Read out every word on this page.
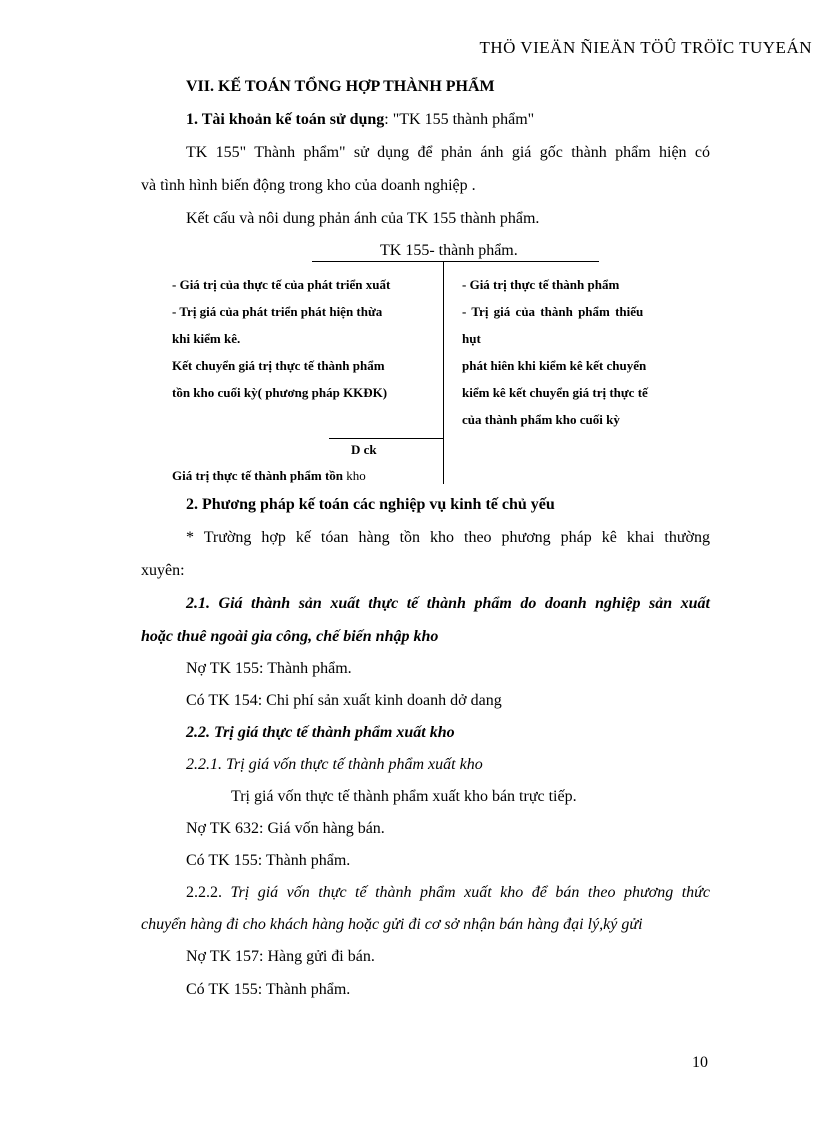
THÖ VIEÄN ÑIEÄN TÖÛ TRÖÏC TUYEÁN
VII. KẾ TOÁN TỔNG HỢP THÀNH PHẨM
1. Tài khoản kế toán sử dụng: "TK 155 thành phẩm"
TK 155" Thành phẩm" sử dụng để phản ánh giá gốc thành phẩm hiện có
và tình hình biến động trong kho của doanh nghiệp .
Kết cấu và nôi dung phản ánh của TK 155 thành phẩm.
TK 155- thành phẩm.
- Giá trị của thực tế của phát triển xuất
- Trị giá của phát triển phát hiện thừa
khi kiểm kê.
Kết chuyển giá trị thực tế thành phẩm
tồn kho cuối kỳ( phương pháp KKĐK)
- Giá trị thực tế thành phẩm
- Trị giá của thành phẩm thiếu
hụt
phát hiên khi kiểm kê kết chuyển
kiểm kê kết chuyển giá trị thực tế
của thành phẩm kho cuối kỳ
D ck
Giá trị thực tế thành phẩm tồn kho
2. Phương pháp kế toán các nghiệp vụ kinh tế chủ yếu
* Trường hợp kế tóan hàng tồn kho theo phương pháp kê khai thường
xuyên:
2.1. Giá thành sản xuất thực tế thành phẩm do doanh nghiệp sản xuất
hoặc thuê ngoài gia công, chế biến nhập kho
Nợ TK 155: Thành phẩm.
Có TK 154: Chi phí sản xuất kinh doanh dở dang
2.2. Trị giá thực tế thành phẩm xuất kho
2.2.1. Trị giá vốn thực tế thành phẩm xuất kho
Trị giá vốn thực tế thành phẩm xuất kho bán trực tiếp.
Nợ TK 632: Giá vốn hàng bán.
Có TK 155: Thành phẩm.
2.2.2. Trị giá vốn thực tế thành phẩm xuất kho để bán theo phương thức
chuyển hàng đi cho khách hàng hoặc gửi đi cơ sở nhận bán hàng đại lý,ký gửi
Nợ TK 157: Hàng gửi đi bán.
Có TK 155: Thành phẩm.
10
